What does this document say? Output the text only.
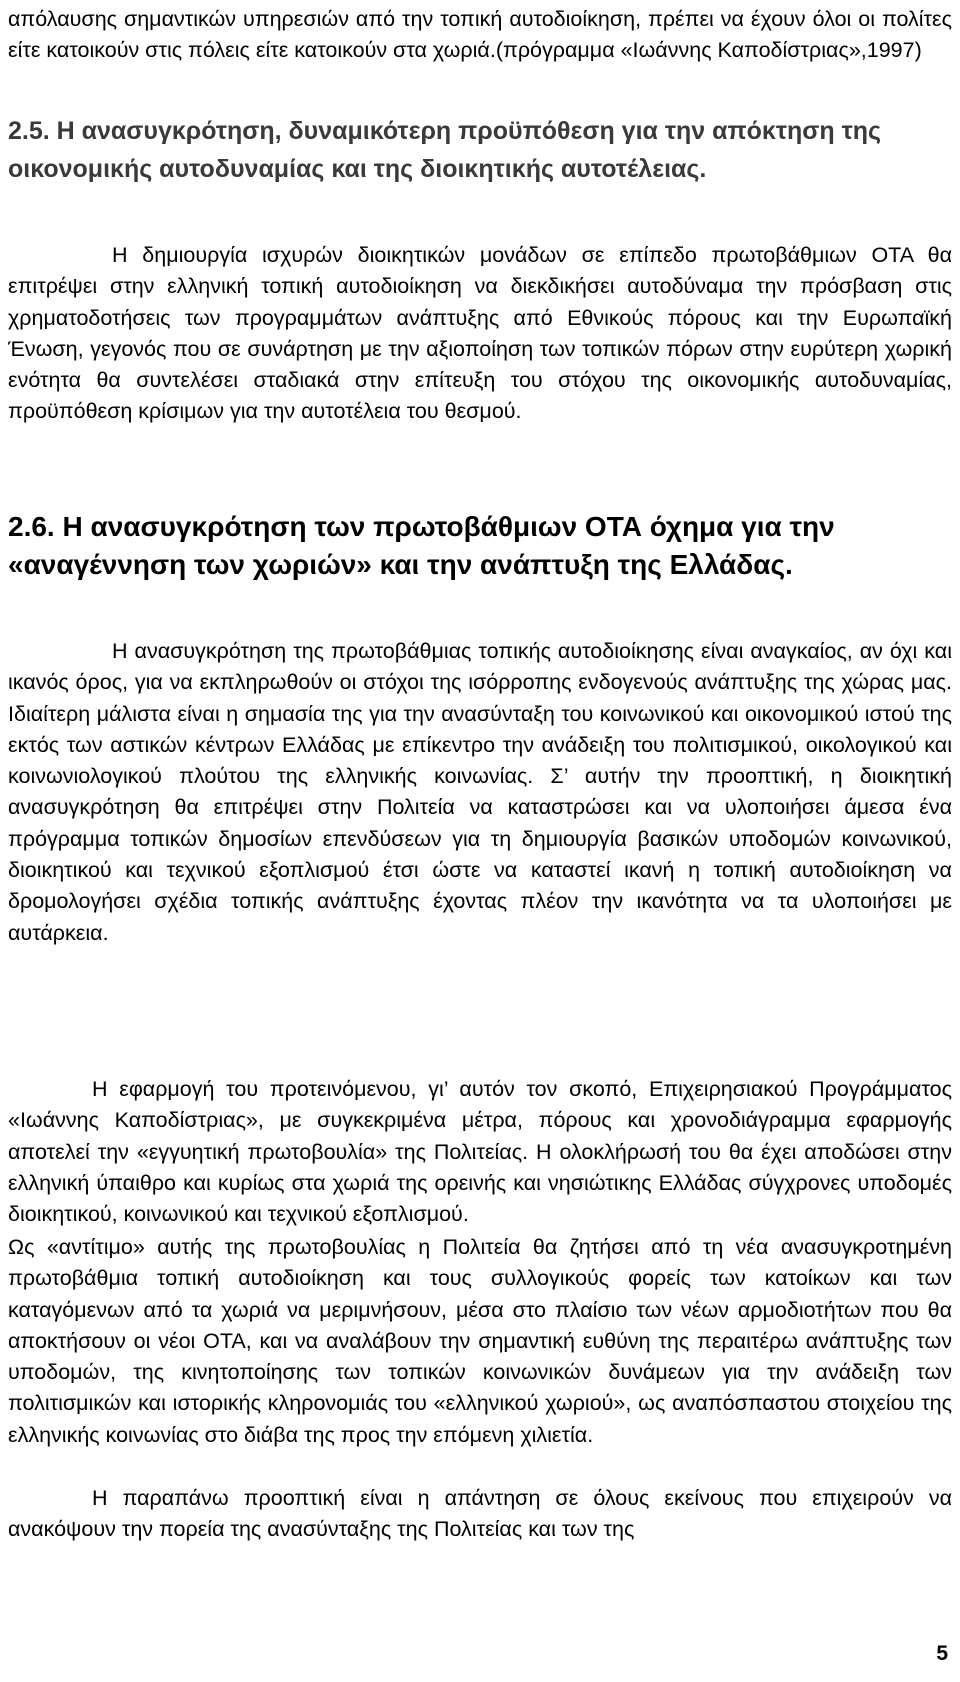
απόλαυσης σημαντικών υπηρεσιών από την τοπική αυτοδιοίκηση, πρέπει να έχουν όλοι οι πολίτες είτε κατοικούν στις πόλεις είτε κατοικούν στα χωριά.(πρόγραμμα «Ιωάννης Καποδίστριας»,1997)

2.5. Η ανασυγκρότηση, δυναμικότερη προϋπόθεση για την απόκτηση της οικονομικής αυτοδυναμίας και της διοικητικής αυτοτέλειας.

Η δημιουργία ισχυρών διοικητικών μονάδων σε επίπεδο πρωτοβάθμιων ΟΤΑ θα επιτρέψει στην ελληνική τοπική αυτοδιοίκηση να διεκδικήσει αυτοδύναμα την πρόσβαση στις χρηματοδοτήσεις των προγραμμάτων ανάπτυξης από Εθνικούς πόρους και την Ευρωπαϊκή Ένωση, γεγονός που σε συνάρτηση με την αξιοποίηση των τοπικών πόρων στην ευρύτερη χωρική ενότητα θα συντελέσει σταδιακά στην επίτευξη του στόχου της οικονομικής αυτοδυναμίας, προϋπόθεση κρίσιμων για την αυτοτέλεια του θεσμού.

2.6. Η ανασυγκρότηση των πρωτοβάθμιων ΟΤΑ όχημα για την «αναγέννηση των χωριών» και την ανάπτυξη της Ελλάδας.

Η ανασυγκρότηση της πρωτοβάθμιας τοπικής αυτοδιοίκησης είναι αναγκαίος, αν όχι και ικανός όρος, για να εκπληρωθούν οι στόχοι της ισόρροπης ενδογενούς ανάπτυξης της χώρας μας. Ιδιαίτερη μάλιστα είναι η σημασία της για την ανασύνταξη του κοινωνικού και οικονομικού ιστού της εκτός των αστικών κέντρων Ελλάδας με επίκεντρο την ανάδειξη του πολιτισμικού, οικολογικού και κοινωνιολογικού πλούτου της ελληνικής κοινωνίας. Σ’ αυτήν την προοπτική, η διοικητική ανασυγκρότηση θα επιτρέψει στην Πολιτεία να καταστρώσει και να υλοποιήσει άμεσα ένα πρόγραμμα τοπικών δημοσίων επενδύσεων για τη δημιουργία βασικών υποδομών κοινωνικού, διοικητικού και τεχνικού εξοπλισμού έτσι ώστε να καταστεί ικανή η τοπική αυτοδιοίκηση να δρομολογήσει σχέδια τοπικής ανάπτυξης έχοντας πλέον την ικανότητα να τα υλοποιήσει με αυτάρκεια.

Η εφαρμογή του προτεινόμενου, γι’ αυτόν τον σκοπό, Επιχειρησιακού Προγράμματος «Ιωάννης Καποδίστριας», με συγκεκριμένα μέτρα, πόρους και χρονοδιάγραμμα εφαρμογής αποτελεί την «εγγυητική πρωτοβουλία» της Πολιτείας. Η ολοκλήρωσή του θα έχει αποδώσει στην ελληνική ύπαιθρο και κυρίως στα χωριά της ορεινής και νησιώτικης Ελλάδας σύγχρονες υποδομές διοικητικού, κοινωνικού και τεχνικού εξοπλισμού.

Ως «αντίτιμο» αυτής της πρωτοβουλίας η Πολιτεία θα ζητήσει από τη νέα ανασυγκροτημένη πρωτοβάθμια τοπική αυτοδιοίκηση και τους συλλογικούς φορείς των κατοίκων και των καταγόμενων από τα χωριά να μεριμνήσουν, μέσα στο πλαίσιο των νέων αρμοδιοτήτων που θα αποκτήσουν οι νέοι ΟΤΑ, και να αναλάβουν την σημαντική ευθύνη της περαιτέρω ανάπτυξης των υποδομών, της κινητοποίησης των τοπικών κοινωνικών δυνάμεων για την ανάδειξη των πολιτισμικών και ιστορικής κληρονομιάς του «ελληνικού χωριού», ως αναπόσπαστου στοιχείου της ελληνικής κοινωνίας στο διάβα της προς την επόμενη χιλιετία.

Η παραπάνω προοπτική είναι η απάντηση σε όλους εκείνους που επιχειρούν να ανακόψουν την πορεία της ανασύνταξης της Πολιτείας και των της

5
